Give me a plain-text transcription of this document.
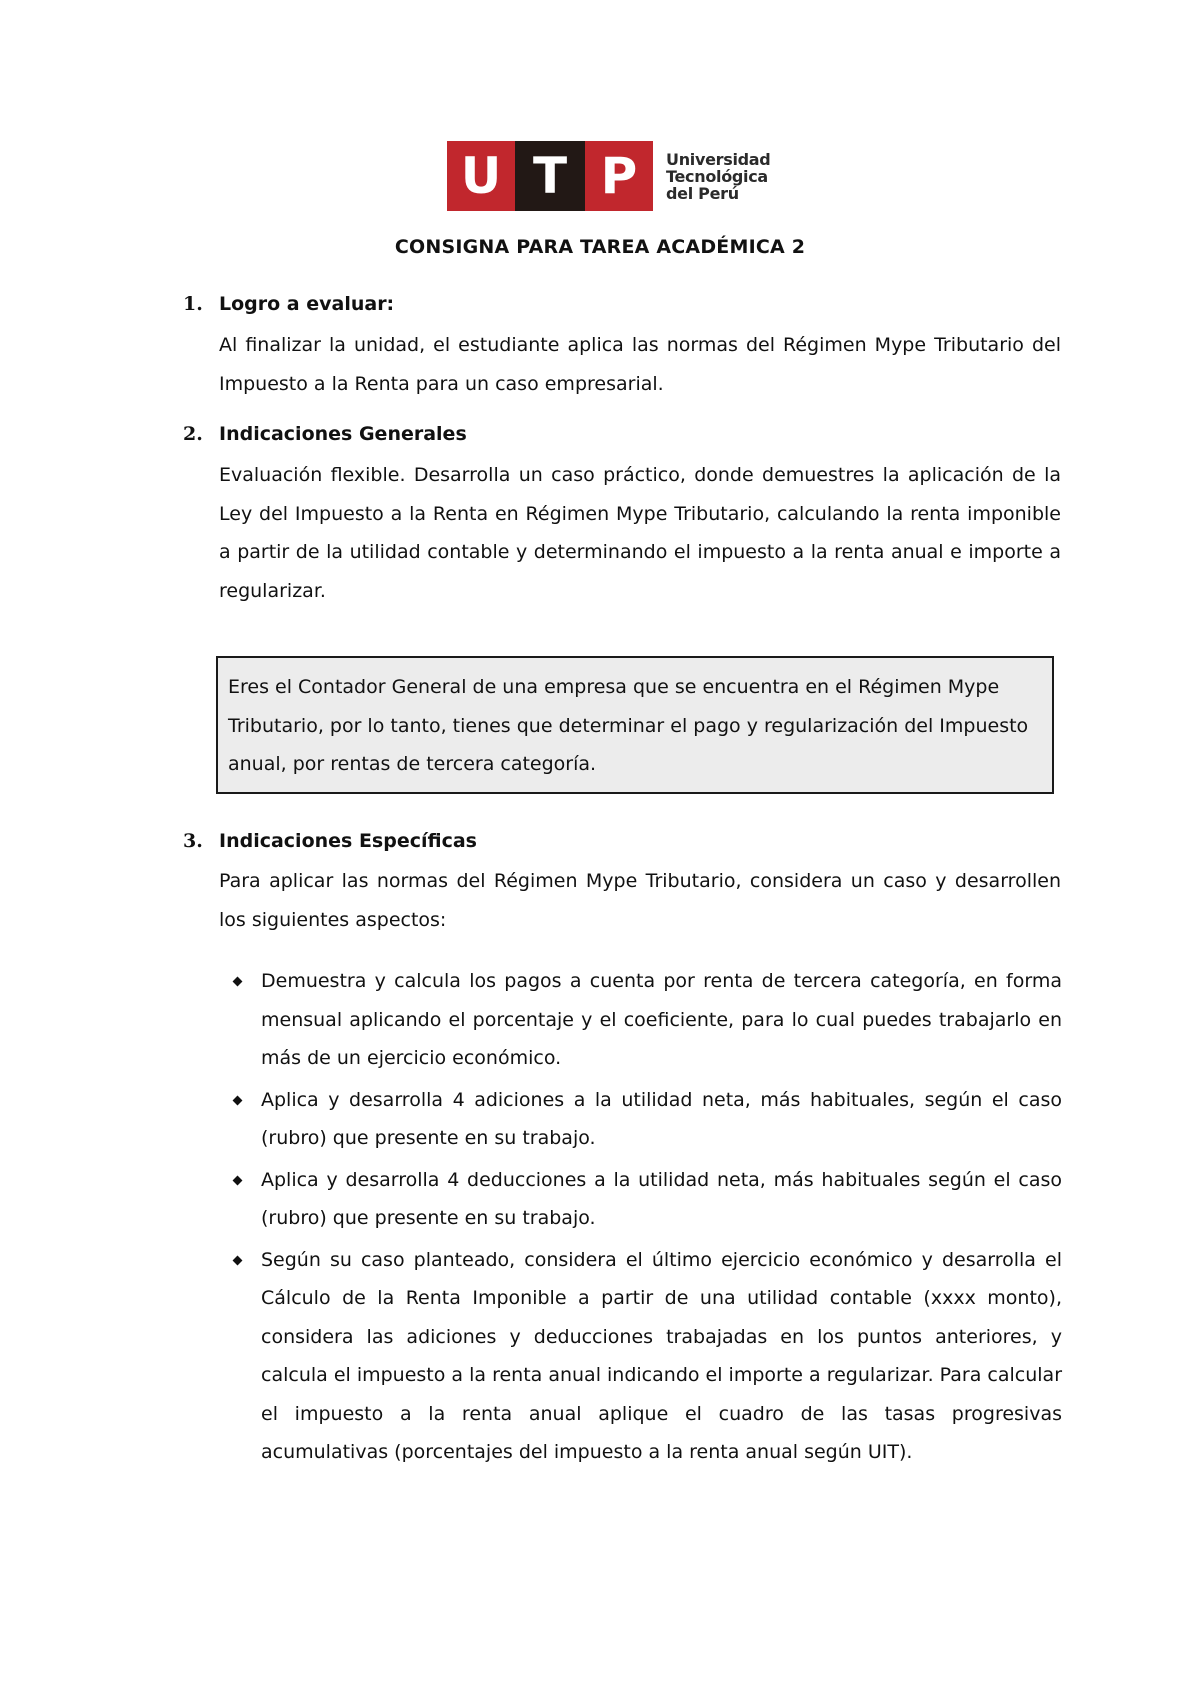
U T P	Universidad
Tecnológica
del Perú
CONSIGNA PARA TAREA ACADÉMICA 2
1. Logro a evaluar:

Al finalizar la unidad, el estudiante aplica las normas del Régimen Mype Tributario del Impuesto a la Renta para un caso empresarial.

2. Indicaciones Generales

Evaluación flexible. Desarrolla un caso práctico, donde demuestres la aplicación de la Ley del Impuesto a la Renta en Régimen Mype Tributario, calculando la renta imponible a partir de la utilidad contable y determinando el impuesto a la renta anual e importe a regularizar.

Eres el Contador General de una empresa que se encuentra en el Régimen Mype Tributario, por lo tanto, tienes que determinar el pago y regularización del Impuesto anual, por rentas de tercera categoría.

3. Indicaciones Específicas

Para aplicar las normas del Régimen Mype Tributario, considera un caso y desarrollen los siguientes aspectos:

Demuestra y calcula los pagos a cuenta por renta de tercera categoría, en forma mensual aplicando el porcentaje y el coeficiente, para lo cual puedes trabajarlo en más de un ejercicio económico.
Aplica y desarrolla 4 adiciones a la utilidad neta, más habituales, según el caso (rubro) que presente en su trabajo.
Aplica y desarrolla 4 deducciones a la utilidad neta, más habituales según el caso (rubro) que presente en su trabajo.
Según su caso planteado, considera el último ejercicio económico y desarrolla el Cálculo de la Renta Imponible a partir de una utilidad contable (xxxx monto), considera las adiciones y deducciones trabajadas en los puntos anteriores, y calcula el impuesto a la renta anual indicando el importe a regularizar. Para calcular el impuesto a la renta anual aplique el cuadro de las tasas progresivas acumulativas (porcentajes del impuesto a la renta anual según UIT).
